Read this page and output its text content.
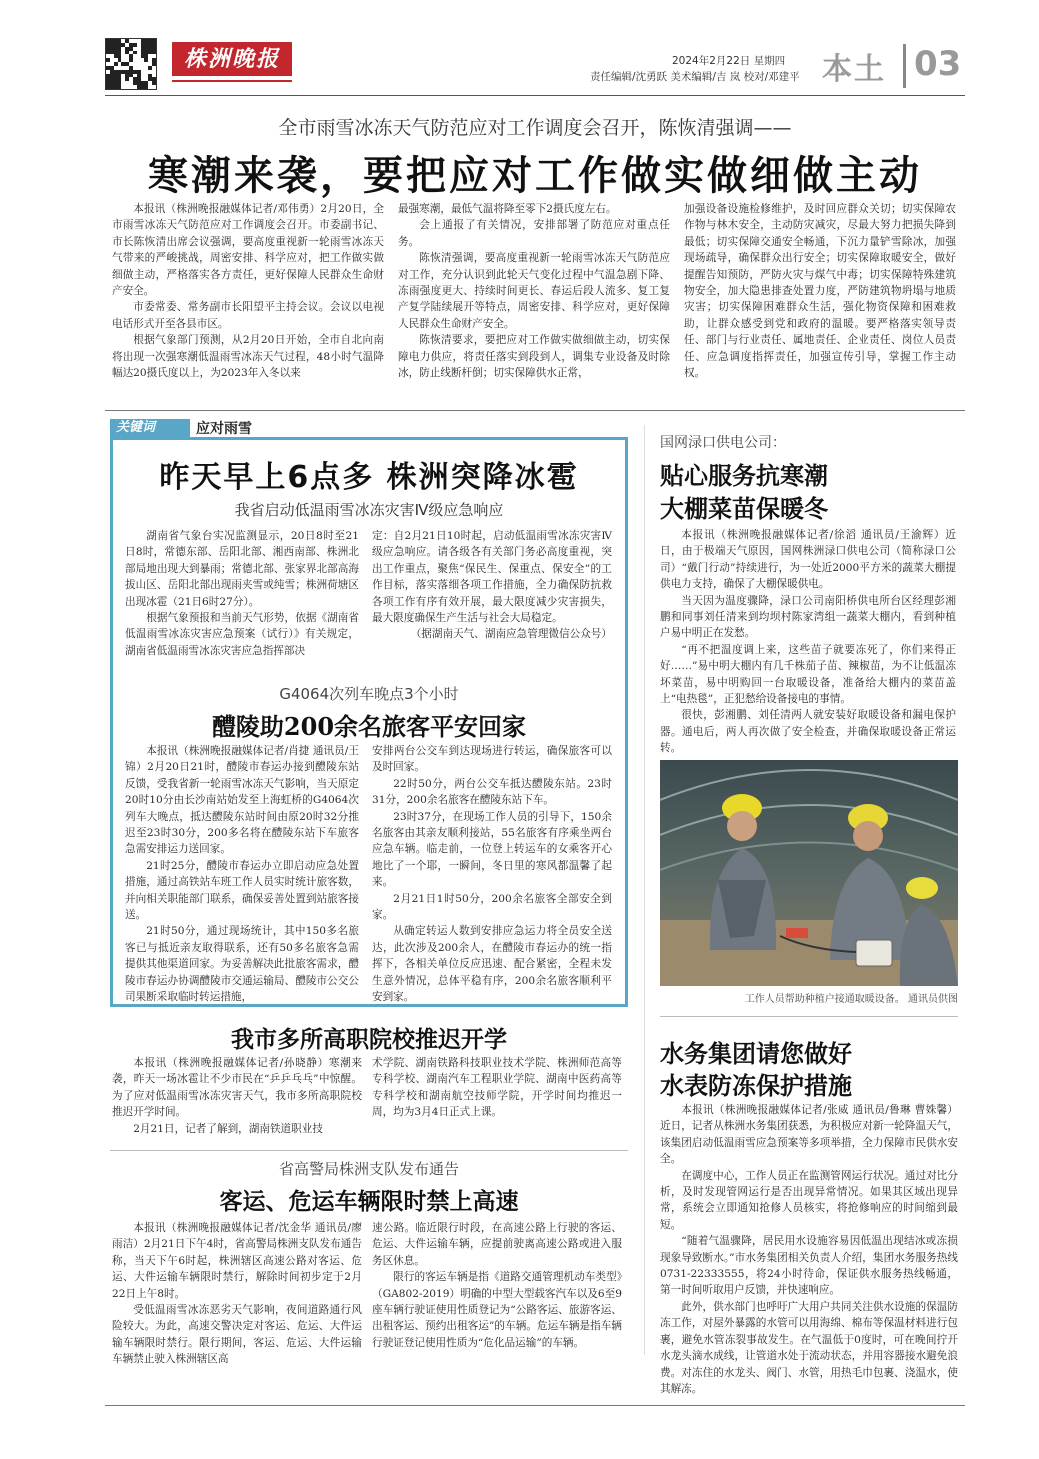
株洲晚报	2024年2月22日 星期四
责任编辑/沈勇跃 美术编辑/吉 岚 校对/邓建平 本土 03
全市雨雪冰冻天气防范应对工作调度会召开，陈恢清强调——
寒潮来袭，要把应对工作做实做细做主动

本报讯（株洲晚报融媒体记者/邓伟勇）2月20日，全市雨雪冰冻天气防范应对工作调度会召开。市委副书记、市长陈恢清出席会议强调，要高度重视新一轮雨雪冰冻天气带来的严峻挑战，周密安排、科学应对，把工作做实做细做主动，严格落实各方责任，更好保障人民群众生命财产安全。

市委常委、常务副市长阳望平主持会议。会议以电视电话形式开至各县市区。

根据气象部门预测，从2月20日开始，全市自北向南将出现一次强寒潮低温雨雪冰冻天气过程，48小时气温降幅达20摄氏度以上，为2023年入冬以来

最强寒潮，最低气温将降至零下2摄氏度左右。

会上通报了有关情况，安排部署了防范应对重点任务。

陈恢清强调，要高度重视新一轮雨雪冰冻天气防范应对工作，充分认识到此轮天气变化过程中气温急剧下降、冻雨强度更大、持续时间更长、春运后段人流多、复工复产复学陆续展开等特点，周密安排、科学应对，更好保障人民群众生命财产安全。

陈恢清要求，要把应对工作做实做细做主动，切实保障电力供应，将责任落实到段到人，调集专业设备及时除冰，防止线断杆倒；切实保障供水正常，

加强设备设施检修维护，及时回应群众关切；切实保障农作物与林木安全，主动防灾减灾，尽最大努力把损失降到最低；切实保障交通安全畅通，下沉力量铲雪除冰，加强现场疏导，确保群众出行安全；切实保障取暖安全，做好提醒告知预防，严防火灾与煤气中毒；切实保障特殊建筑物安全，加大隐患排查处置力度，严防建筑物坍塌与地质灾害；切实保障困难群众生活，强化物资保障和困难救助，让群众感受到党和政府的温暖。要严格落实领导责任、部门与行业责任、属地责任、企业责任、岗位人员责任、应急调度指挥责任，加强宣传引导，掌握工作主动权。

关键词	应对雨雪
昨天早上6点多 株洲突降冰雹
我省启动低温雨雪冰冻灾害Ⅳ级应急响应

湖南省气象台实况监测显示，20日8时至21日8时，常德东部、岳阳北部、湘西南部、株洲北部局地出现大到暴雨；常德北部、张家界北部高海拔山区、岳阳北部出现雨夹雪或纯雪；株洲荷塘区出现冰雹（21日6时27分）。

根据气象预报和当前天气形势，依据《湖南省低温雨雪冰冻灾害应急预案（试行）》有关规定，湖南省低温雨雪冰冻灾害应急指挥部决

定：自2月21日10时起，启动低温雨雪冰冻灾害Ⅳ级应急响应。请各级各有关部门务必高度重视，突出工作重点，聚焦“保民生、保重点、保安全”的工作目标，落实落细各项工作措施，全力确保防抗救各项工作有序有效开展，最大限度减少灾害损失，最大限度确保生产生活与社会大局稳定。

（据湖南天气、湖南应急管理微信公众号）

G4064次列车晚点3个小时
醴陵助200余名旅客平安回家

本报讯（株洲晚报融媒体记者/肖捷 通讯员/王锦）2月20日21时，醴陵市春运办接到醴陵东站反馈，受我省新一轮雨雪冰冻天气影响，当天原定20时10分由长沙南站始发至上海虹桥的G4064次列车大晚点，抵达醴陵东站时间由原20时32分推迟至23时30分，200多名将在醴陵东站下车旅客急需安排运力送回家。

21时25分，醴陵市春运办立即启动应急处置措施，通过高铁站车班工作人员实时统计旅客数，并向相关职能部门联系，确保妥善处置到站旅客接送。

21时50分，通过现场统计，其中150多名旅客已与抵近亲友取得联系，还有50多名旅客急需提供其他渠道回家。为妥善解决此批旅客需求，醴陵市春运办协调醴陵市交通运输局、醴陵市公交公司果断采取临时转运措施，

安排两台公交车到达现场进行转运，确保旅客可以及时回家。

22时50分，两台公交车抵达醴陵东站。23时31分，200余名旅客在醴陵东站下车。

23时37分，在现场工作人员的引导下，150余名旅客由其亲友顺利接站，55名旅客有序乘坐两台应急车辆。临走前，一位登上转运车的女乘客开心地比了一个耶，一瞬间，冬日里的寒风都温馨了起来。

2月21日1时50分，200余名旅客全部安全到家。

从确定转运人数到安排应急运力将全员安全送达，此次涉及200余人，在醴陵市春运办的统一指挥下，各相关单位反应迅速、配合紧密，全程未发生意外情况，总体平稳有序，200余名旅客顺利平安到家。

我市多所高职院校推迟开学

本报讯（株洲晚报融媒体记者/孙晓静）寒潮来袭，昨天一场冰雹让不少市民在“乒乒乓乓”中惊醒。为了应对低温雨雪冰冻灾害天气，我市多所高职院校推迟开学时间。

2月21日，记者了解到，湖南铁道职业技

术学院、湖南铁路科技职业技术学院、株洲师范高等专科学校、湖南汽车工程职业学院、湖南中医药高等专科学校和湖南航空技师学院，开学时间均推迟一周，均为3月4日正式上课。

省高警局株洲支队发布通告
客运、危运车辆限时禁上高速

本报讯（株洲晚报融媒体记者/沈金华 通讯员/廖雨洁）2月21日下午4时，省高警局株洲支队发布通告称，当天下午6时起，株洲辖区高速公路对客运、危运、大件运输车辆限时禁行，解除时间初步定于2月22日上午8时。

受低温雨雪冰冻恶劣天气影响，夜间道路通行风险较大。为此，高速交警决定对客运、危运、大件运输车辆限时禁行。限行期间，客运、危运、大件运输车辆禁止驶入株洲辖区高

速公路。临近限行时段，在高速公路上行驶的客运、危运、大件运输车辆，应提前驶离高速公路或进入服务区休息。

限行的客运车辆是指《道路交通管理机动车类型》（GA802-2019）明确的中型大型载客汽车以及6至9座车辆行驶证使用性质登记为“公路客运、旅游客运、出租客运、预约出租客运”的车辆。危运车辆是指车辆行驶证登记使用性质为“危化品运输”的车辆。

国网渌口供电公司：
贴心服务抗寒潮
大棚菜苗保暖冬

本报讯（株洲晚报融媒体记者/徐滔 通讯员/王渝辉）近日，由于极端天气原因，国网株洲渌口供电公司（简称渌口公司）“戴门行动”持续进行，为一处近2000平方米的蔬菜大棚提供电力支持，确保了大棚保暖供电。

当天因为温度骤降，渌口公司南阳桥供电所台区经理彭湘鹏和同事刘任清来到均坝村陈家湾组一蔬菜大棚内，看到种植户易中明正在发愁。

“再不把温度调上来，这些苗子就要冻死了，你们来得正好……”易中明大棚内有几千株茄子苗、辣椒苗，为不让低温冻坏菜苗，易中明购回一台取暖设备，准备给大棚内的菜苗盖上“电热毯”，正犯愁给设备接电的事情。

很快，彭湘鹏、刘任清两人就安装好取暖设备和漏电保护器。通电后，两人再次做了安全检查，并确保取暖设备正常运转。

工作人员帮助种植户接通取暖设备。 通讯员供图
水务集团请您做好
水表防冻保护措施

本报讯（株洲晚报融媒体记者/张威 通讯员/鲁琳 曹姝馨）近日，记者从株洲水务集团获悉，为积极应对新一轮降温天气，该集团启动低温雨雪应急预案等多项举措，全力保障市民供水安全。

在调度中心，工作人员正在监测管网运行状况。通过对比分析，及时发现管网运行是否出现异常情况。如果其区域出现异常，系统会立即通知抢修人员核实，将抢修响应的时间缩到最短。

“随着气温骤降，居民用水设施容易因低温出现结冰或冻损现象导致断水。”市水务集团相关负责人介绍，集团水务服务热线0731-22333555，将24小时待命，保证供水服务热线畅通，第一时间听取用户反馈，并快速响应。

此外，供水部门也呼吁广大用户共同关注供水设施的保温防冻工作，对屋外暴露的水管可以用海绵、棉布等保温材料进行包裹，避免水管冻裂事故发生。在气温低于0度时，可在晚间拧开水龙头滴水成线，让管道水处于流动状态，并用容器接水避免浪费。对冻住的水龙头、阀门、水管，用热毛巾包裹、浇温水，使其解冻。
